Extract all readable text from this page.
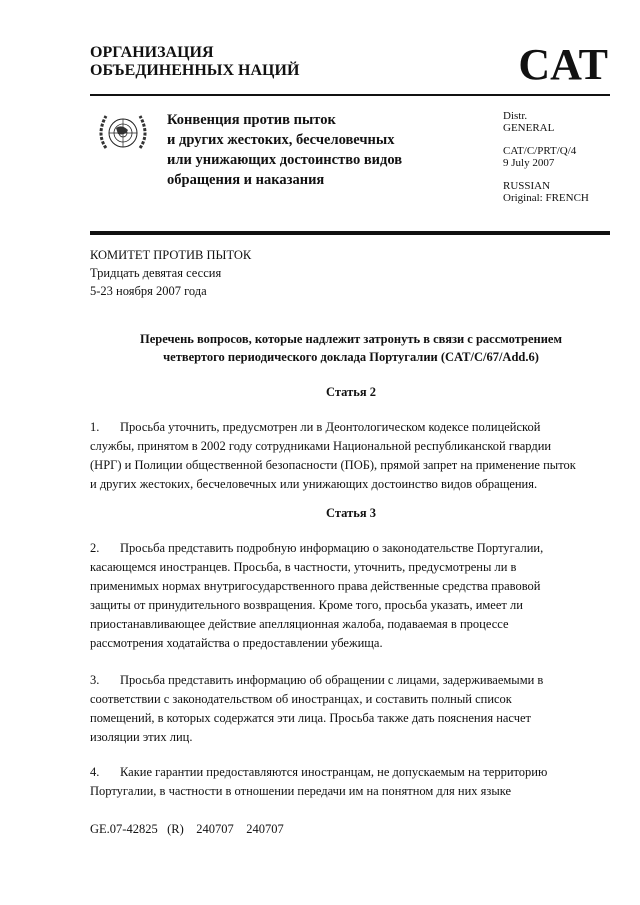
ОРГАНИЗАЦИЯ
ОБЪЕДИНЕННЫХ НАЦИЙ	CAT
Конвенция против пыток
и других жестоких, бесчеловечных
или унижающих достоинство видов
обращения и наказания
Distr.
GENERAL
CAT/C/PRT/Q/4
9 July 2007
RUSSIAN
Original: FRENCH
КОМИТЕТ ПРОТИВ ПЫТОК
Тридцать девятая сессия
5-23 ноября 2007 года
Перечень вопросов, которые надлежит затронуть в связи с рассмотрением
четвертого периодического доклада Португалии (CAT/C/67/Add.6)
Статья 2
1. Просьба уточнить, предусмотрен ли в Деонтологическом кодексе полицейской
службы, принятом в 2002 году сотрудниками Национальной республиканской гвардии
(НРГ) и Полиции общественной безопасности (ПОБ), прямой запрет на применение пыток
и других жестоких, бесчеловечных или унижающих достоинство видов обращения.
Статья 3
2. Просьба представить подробную информацию о законодательстве Португалии,
касающемся иностранцев. Просьба, в частности, уточнить, предусмотрены ли в
применимых нормах внутригосударственного права действенные средства правовой
защиты от принудительного возвращения. Кроме того, просьба указать, имеет ли
приостанавливающее действие апелляционная жалоба, подаваемая в процессе
рассмотрения ходатайства о предоставлении убежища.
3. Просьба представить информацию об обращении с лицами, задерживаемыми в
соответствии с законодательством об иностранцах, и составить полный список
помещений, в которых содержатся эти лица. Просьба также дать пояснения насчет
изоляции этих лиц.
4. Какие гарантии предоставляются иностранцам, не допускаемым на территорию
Португалии, в частности в отношении передачи им на понятном для них языке
GE.07-42825   (R)    240707    240707
